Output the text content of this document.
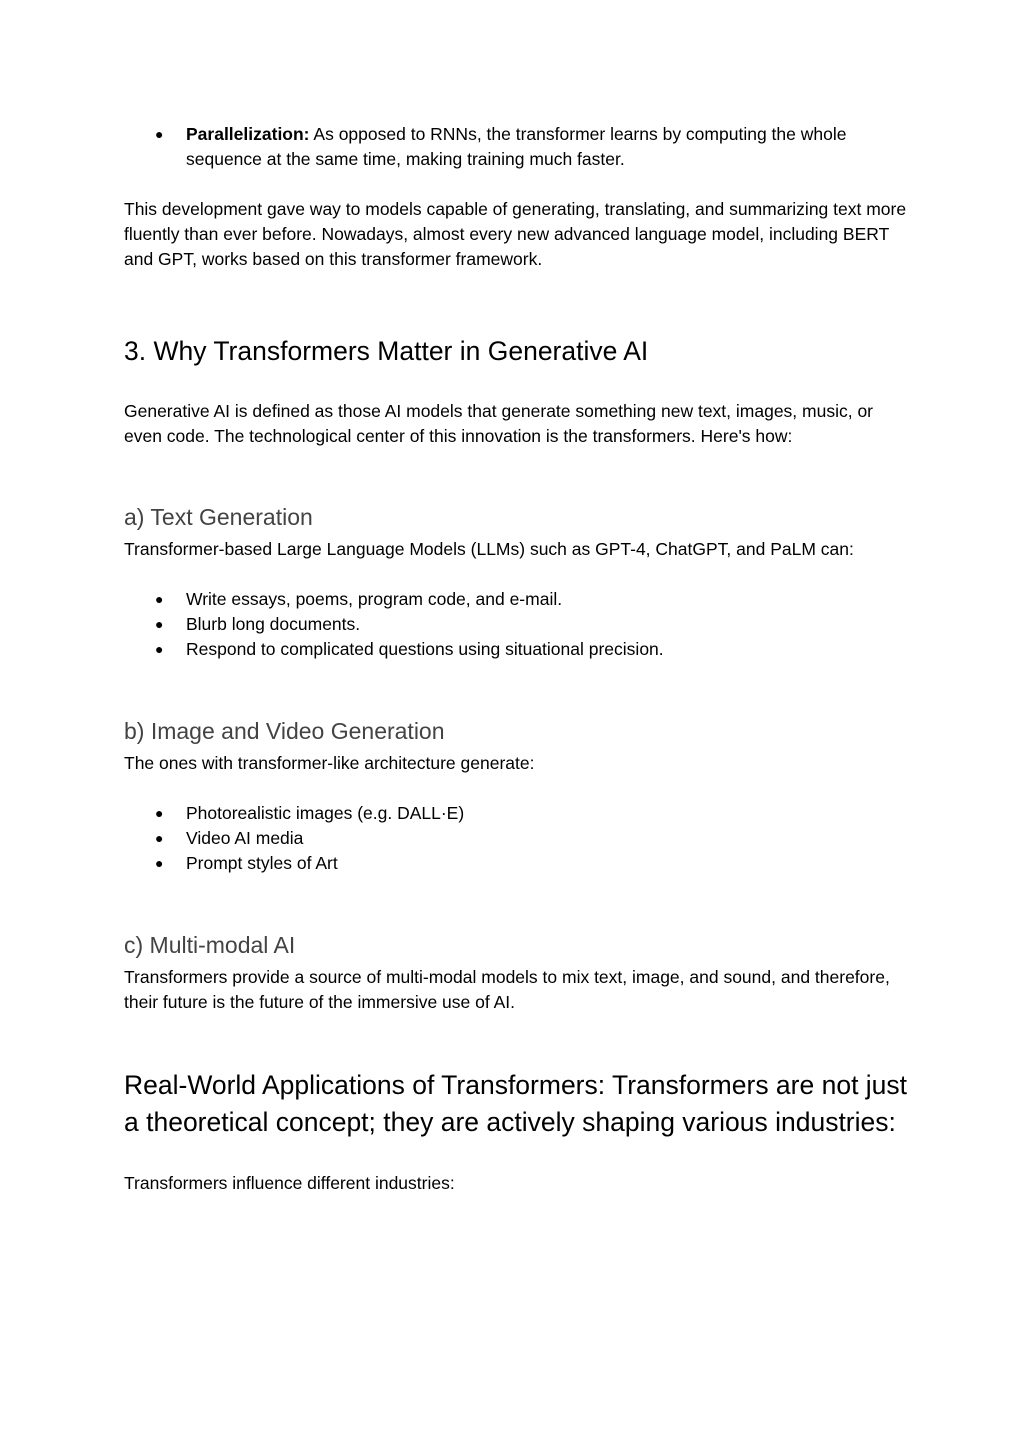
● Parallelization: As opposed to RNNs, the transformer learns by computing the whole sequence at the same time, making training much faster.

This development gave way to models capable of generating, translating, and summarizing text more fluently than ever before. Nowadays, almost every new advanced language model, including BERT and GPT, works based on this transformer framework.

3. Why Transformers Matter in Generative AI

Generative AI is defined as those AI models that generate something new text, images, music, or even code. The technological center of this innovation is the transformers. Here's how:

a) Text Generation

Transformer-based Large Language Models (LLMs) such as GPT-4, ChatGPT, and PaLM can:

● Write essays, poems, program code, and e-mail.
● Blurb long documents.
● Respond to complicated questions using situational precision.
b) Image and Video Generation

The ones with transformer-like architecture generate:

● Photorealistic images (e.g. DALL·E)
● Video AI media
● Prompt styles of Art
c) Multi-modal AI

Transformers provide a source of multi-modal models to mix text, image, and sound, and therefore, their future is the future of the immersive use of AI.

Real-World Applications of Transformers: Transformers are not just a theoretical concept; they are actively shaping various industries:

Transformers influence different industries:
